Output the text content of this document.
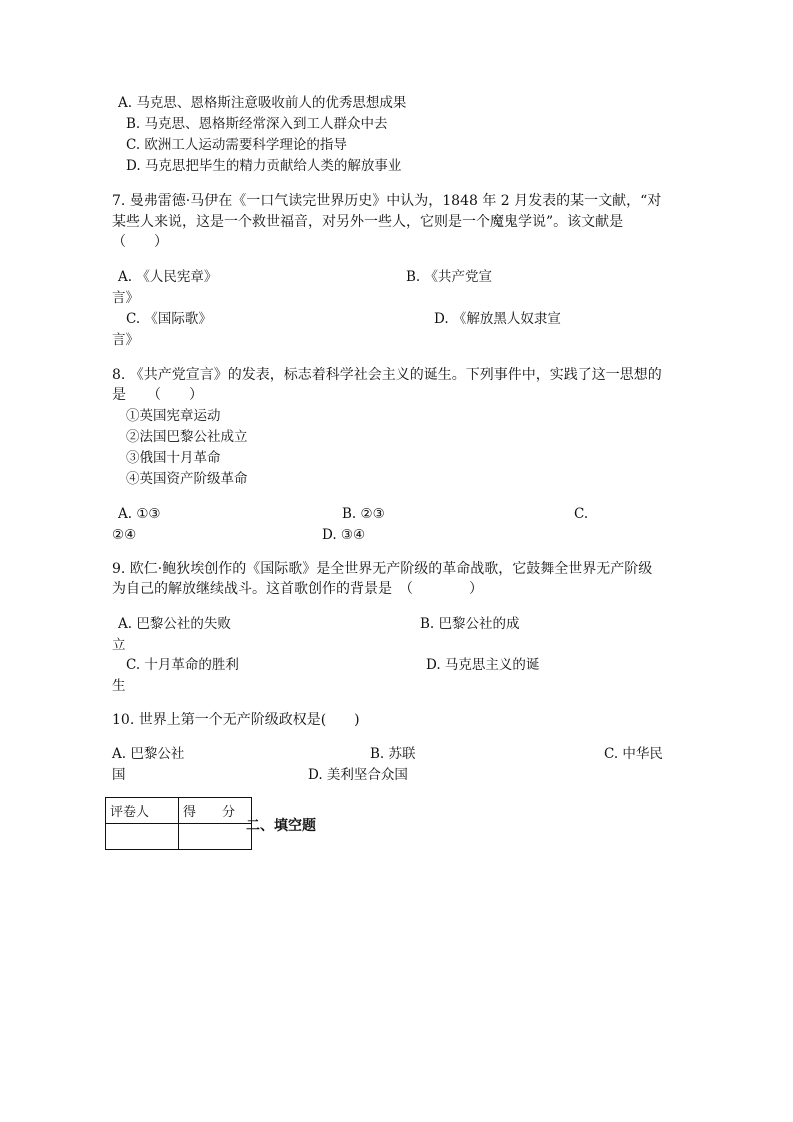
A. 马克思、恩格斯注意吸收前人的优秀思想成果
B. 马克思、恩格斯经常深入到工人群众中去
C. 欧洲工人运动需要科学理论的指导
D. 马克思把毕生的精力贡献给人类的解放事业
7. 曼弗雷德·马伊在《一口气读完世界历史》中认为，1848 年 2 月发表的某一文献，“对
某些人来说，这是一个救世福音，对另外一些人，它则是一个魔鬼学说”。该文献是
（　　）
A. 《人民宪章》	B. 《共产党宣
言》
C. 《国际歌》	D. 《解放黑人奴隶宣
言》
8. 《共产党宣言》的发表，标志着科学社会主义的诞生。下列事件中，实践了这一思想的
是　　（　　）
①英国宪章运动
②法国巴黎公社成立
③俄国十月革命
④英国资产阶级革命
A. ①③	B. ②③	C.
②④	D. ③④
9. 欧仁·鲍狄埃创作的《国际歌》是全世界无产阶级的革命战歌，它鼓舞全世界无产阶级
为自己的解放继续战斗。这首歌创作的背景是　（　　　　）
A. 巴黎公社的失败	B. 巴黎公社的成
立
C. 十月革命的胜利	D. 马克思主义的诞
生
10. 世界上第一个无产阶级政权是(　　)
A. 巴黎公社	B. 苏联	C. 中华民
国	D. 美利坚合众国
评卷人	得　　分

二、填空题
